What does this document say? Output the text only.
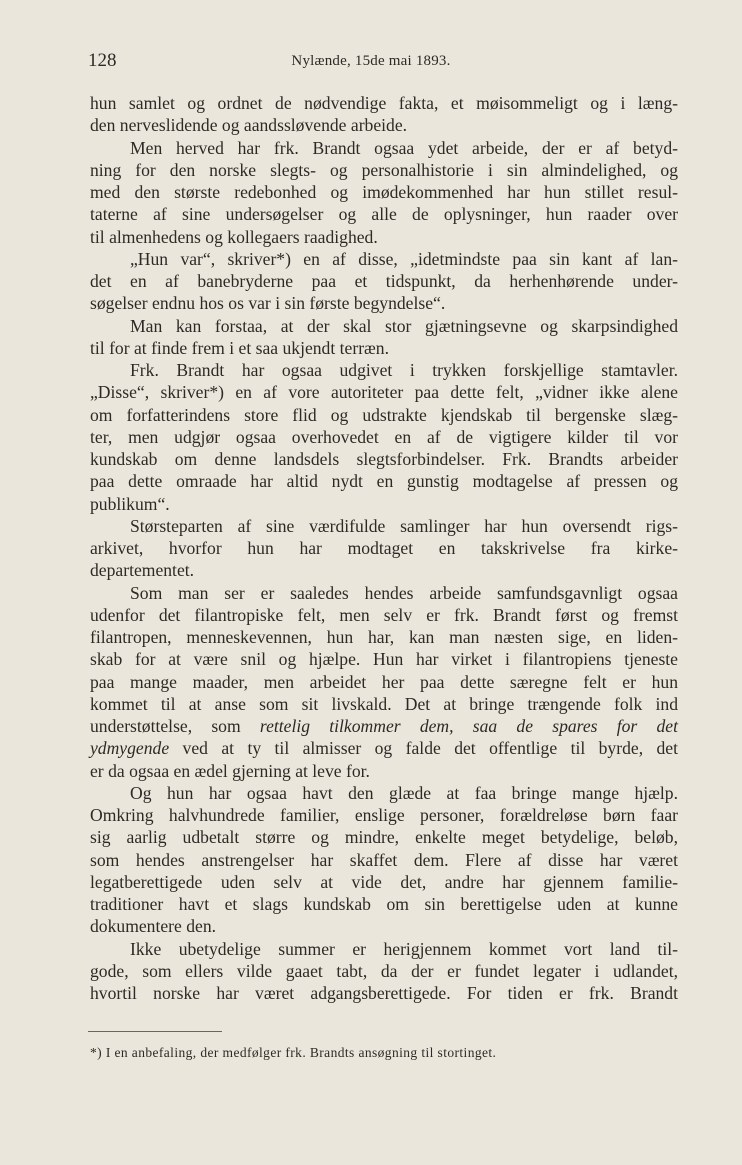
128	Nylænde, 15de mai 1893.
hun samlet og ordnet de nødvendige fakta, et møisommeligt og i læng-
den nerveslidende og aandssløvende arbeide.
Men herved har frk. Brandt ogsaa ydet arbeide, der er af betyd-
ning for den norske slegts- og personalhistorie i sin almindelighed, og
med den største redebonhed og imødekommenhed har hun stillet resul-
taterne af sine undersøgelser og alle de oplysninger, hun raader over
til almenhedens og kollegaers raadighed.
„Hun var“, skriver*) en af disse, „idetmindste paa sin kant af lan-
det en af banebryderne paa et tidspunkt, da herhenhørende under-
søgelser endnu hos os var i sin første begyndelse“.
Man kan forstaa, at der skal stor gjætningsevne og skarpsindighed
til for at finde frem i et saa ukjendt terræn.
Frk. Brandt har ogsaa udgivet i trykken forskjellige stamtavler.
„Disse“, skriver*) en af vore autoriteter paa dette felt, „vidner ikke alene
om forfatterindens store flid og udstrakte kjendskab til bergenske slæg-
ter, men udgjør ogsaa overhovedet en af de vigtigere kilder til vor
kundskab om denne landsdels slegtsforbindelser. Frk. Brandts arbeider
paa dette omraade har altid nydt en gunstig modtagelse af pressen og
publikum“.
Størsteparten af sine værdifulde samlinger har hun oversendt rigs-
arkivet, hvorfor hun har modtaget en takskrivelse fra kirke-
departementet.
Som man ser er saaledes hendes arbeide samfundsgavnligt ogsaa
udenfor det filantropiske felt, men selv er frk. Brandt først og fremst
filantropen, menneskevennen, hun har, kan man næsten sige, en liden-
skab for at være snil og hjælpe. Hun har virket i filantropiens tjeneste
paa mange maader, men arbeidet her paa dette særegne felt er hun
kommet til at anse som sit livskald. Det at bringe trængende folk ind
understøttelse, som rettelig tilkommer dem, saa de spares for det
ydmygende ved at ty til almisser og falde det offentlige til byrde, det
er da ogsaa en ædel gjerning at leve for.
Og hun har ogsaa havt den glæde at faa bringe mange hjælp.
Omkring halvhundrede familier, enslige personer, forældreløse børn faar
sig aarlig udbetalt større og mindre, enkelte meget betydelige, beløb,
som hendes anstrengelser har skaffet dem. Flere af disse har været
legatberettigede uden selv at vide det, andre har gjennem familie-
traditioner havt et slags kundskab om sin berettigelse uden at kunne
dokumentere den.
Ikke ubetydelige summer er herigjennem kommet vort land til-
gode, som ellers vilde gaaet tabt, da der er fundet legater i udlandet,
hvortil norske har været adgangsberettigede. For tiden er frk. Brandt
*) I en anbefaling, der medfølger frk. Brandts ansøgning til stortinget.
